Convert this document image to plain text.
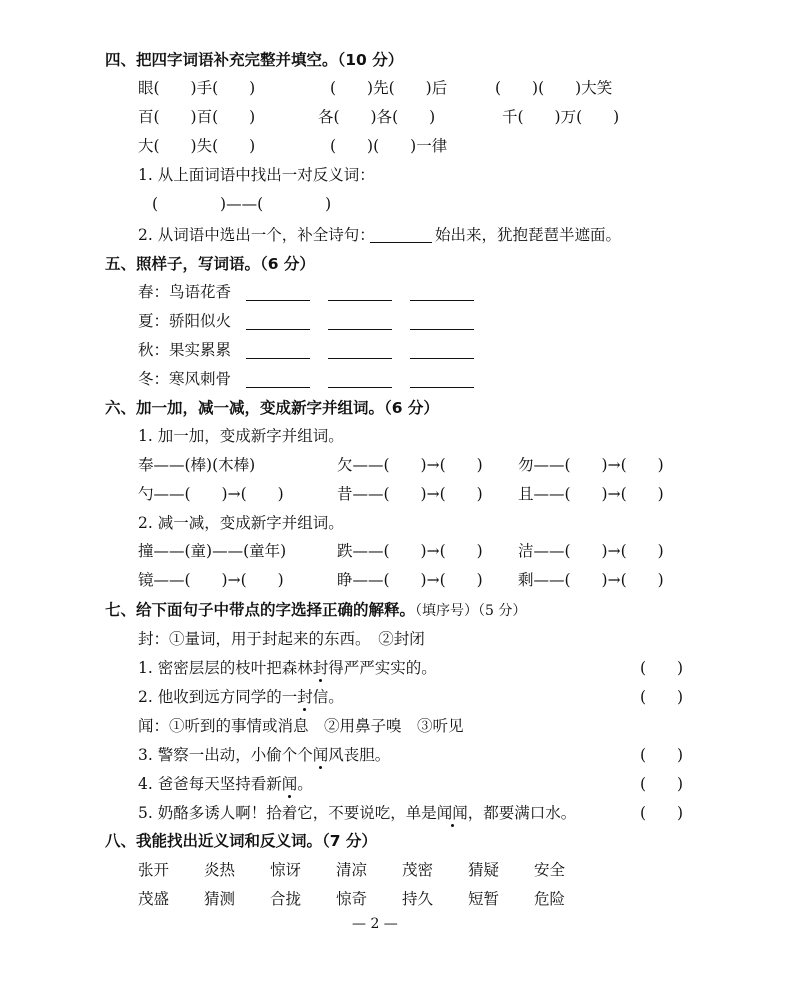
四、把四字词语补充完整并填空。（10 分）
眼(　　)手(　　)	(　　)先(　　)后	(　　)(　　)大笑
百(　　)百(　　)	各(　　)各(　　)	千(　　)万(　　)
大(　　)失(　　)	(　　)(　　)一律
1. 从上面词语中找出一对反义词：
(　　　　)——(　　　　)
2. 从词语中选出一个，补全诗句：	始出来，犹抱琵琶半遮面。
五、照样子，写词语。（6 分）
春：鸟语花香
夏：骄阳似火
秋：果实累累
冬：寒风刺骨
六、加一加，减一减，变成新字并组词。（6 分）
1. 加一加，变成新字并组词。
奉——(棒)(木棒)	欠——(　　)→(　　) 勿——(　　)→(　　)
勺——(　　)→(　　)	昔——(　　)→(　　) 且——(　　)→(　　)
2. 减一减，变成新字并组词。
撞——(童)——(童年)	跌——(　　)→(　　) 洁——(　　)→(　　)
镜——(　　)→(　　)	睁——(　　)→(　　) 剩——(　　)→(　　)
七、给下面句子中带点的字选择正确的解释。（填序号）（5 分）
封：①量词，用于封起来的东西。　②封闭
1. 密密层层的枝叶把森林封得严严实实的。	(　　)
2. 他收到远方同学的一封信。	(　　)
闻：①听到的事情或消息　②用鼻子嗅　③听见
3. 警察一出动，小偷个个闻风丧胆。	(　　)
4. 爸爸每天坚持看新闻。	(　　)
5. 奶酪多诱人啊！拾着它，不要说吃，单是闻闻，都要满口水。	(　　)
八、我能找出近义词和反义词。（7 分）
张开 炎热 惊讶 清凉 茂密 猜疑 安全
茂盛 猜测 合拢 惊奇 持久 短暂 危险
— 2 —
